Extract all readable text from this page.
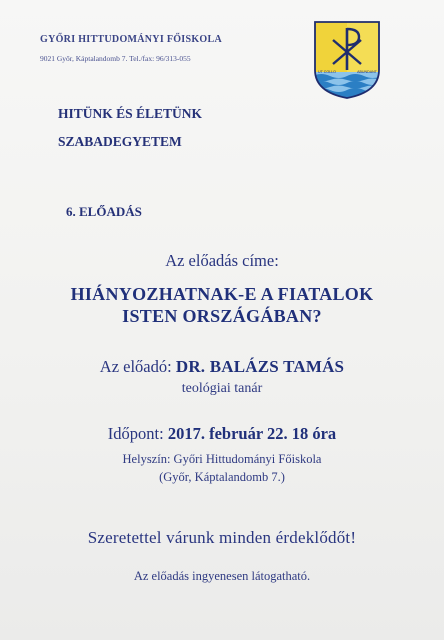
GYŐRI HITTUDOMÁNYI FŐISKOLA
9021 Győr, Káptalandomb 7. Tel./fax: 96/313-055
UT COLLO	ABUNDANT
HITÜNK ÉS ÉLETÜNK
SZABADEGYETEM
6. ELŐADÁS
Az előadás címe:
HIÁNYOZHATNAK-E A FIATALOK
ISTEN ORSZÁGÁBAN?
Az előadó: DR. BALÁZS TAMÁS
teológiai tanár
Időpont: 2017. február 22. 18 óra
Helyszín: Győri Hittudományi Főiskola
(Győr, Káptalandomb 7.)
Szeretettel várunk minden érdeklődőt!
Az előadás ingyenesen látogatható.
